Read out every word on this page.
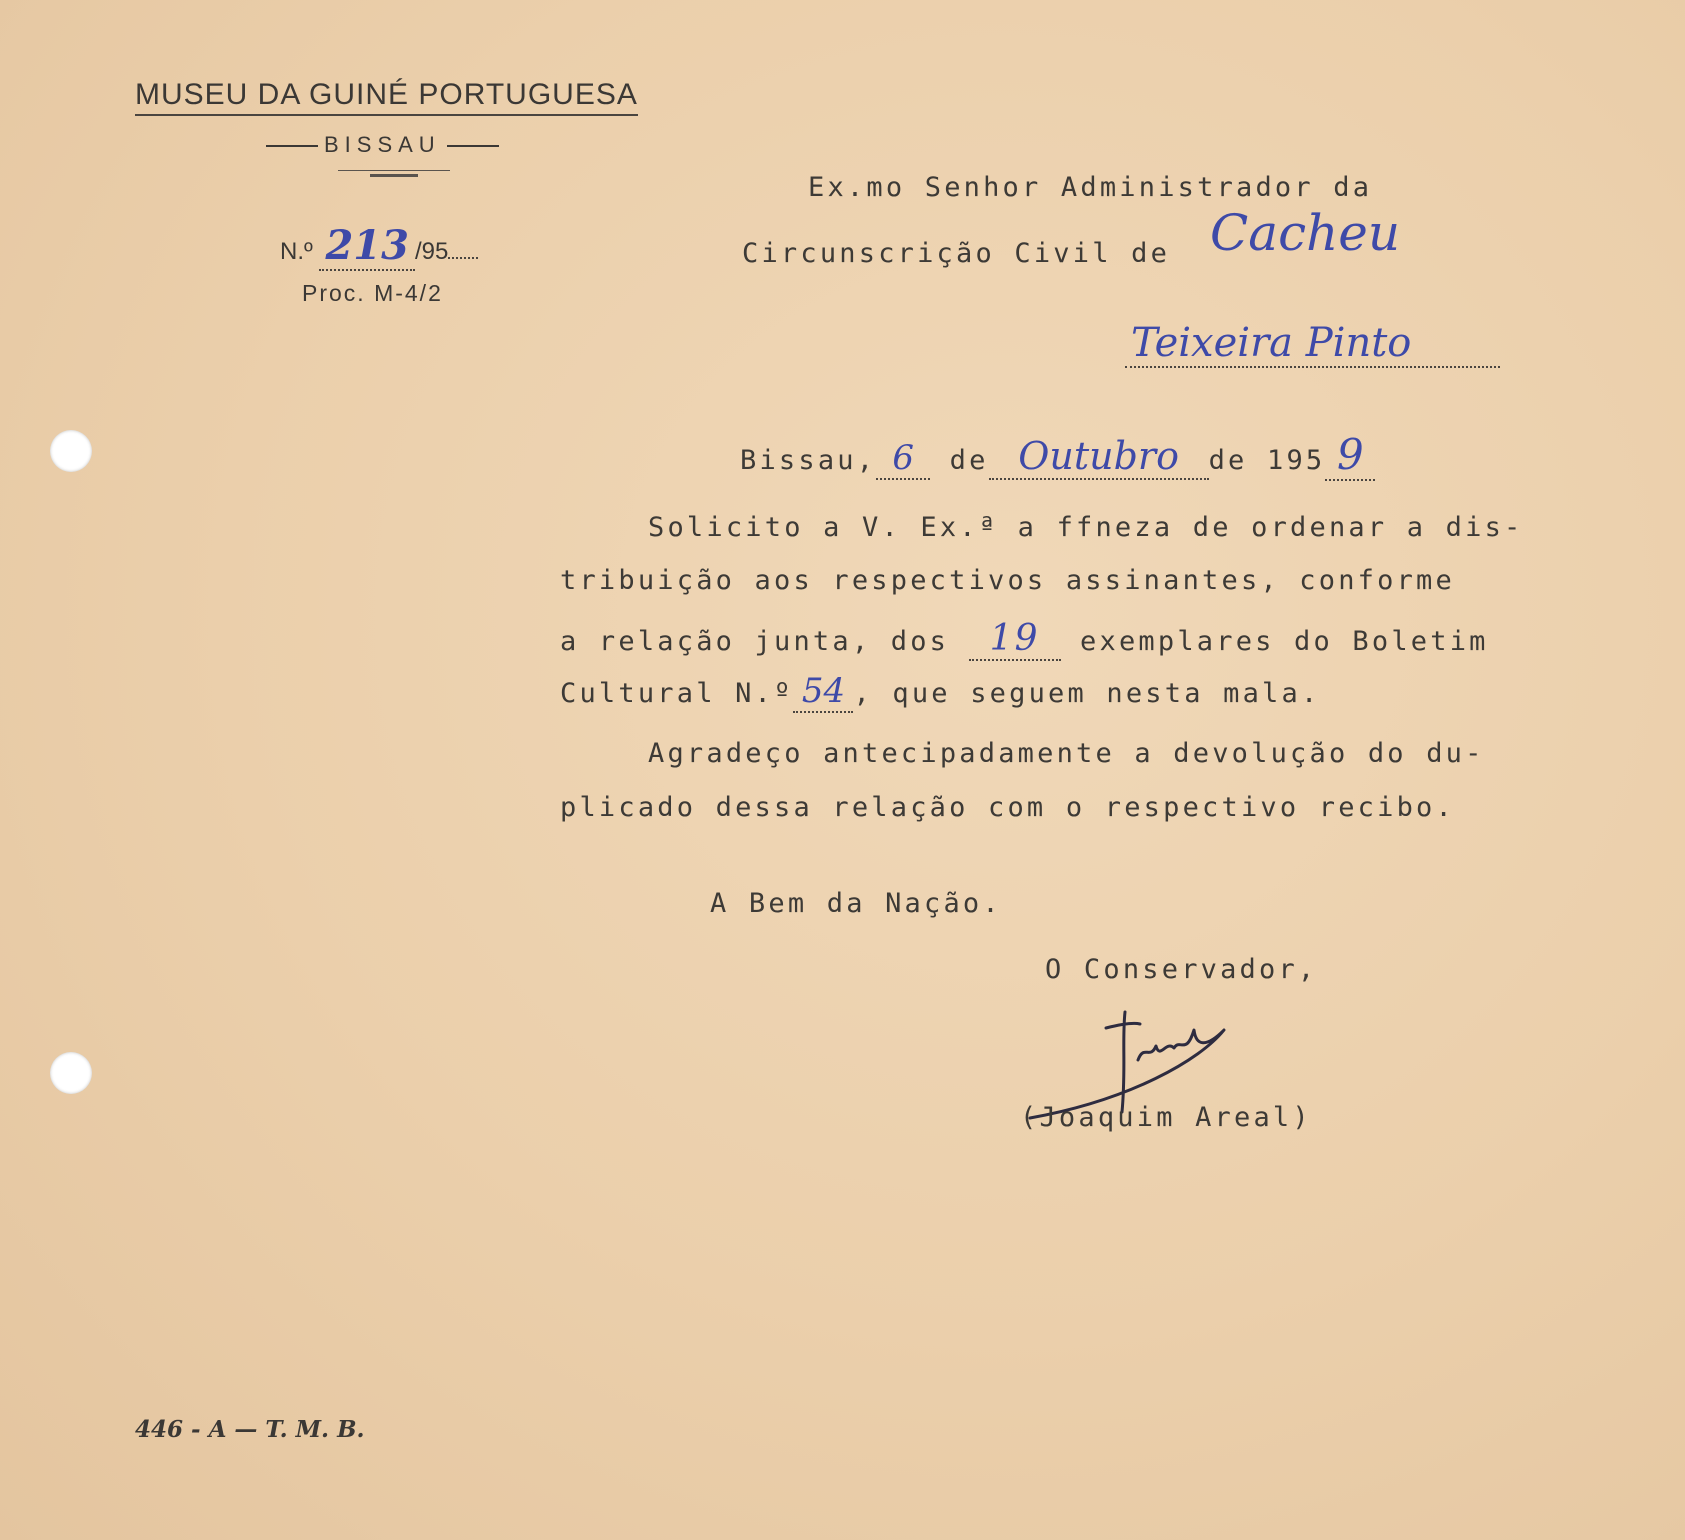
MUSEU DA GUINÉ PORTUGUESA
BISSAU
N.º 213 /95
Proc. M-4/2
Ex.mo Senhor Administrador da
Circunscrição Civil de Cacheu
Teixeira Pinto
Bissau, 6 de Outubro de 195 9
Solicito a V. Ex.ª a ffneza de ordenar a dis-
tribuição aos respectivos assinantes, conforme
a relação junta, dos 19 exemplares do Boletim
Cultural N.º 54 , que seguem nesta mala.
Agradeço antecipadamente a devolução do du-
plicado dessa relação com o respectivo recibo.
A Bem da Nação.
O Conservador,
(Joaquim Areal)
446 - A — T. M. B.
